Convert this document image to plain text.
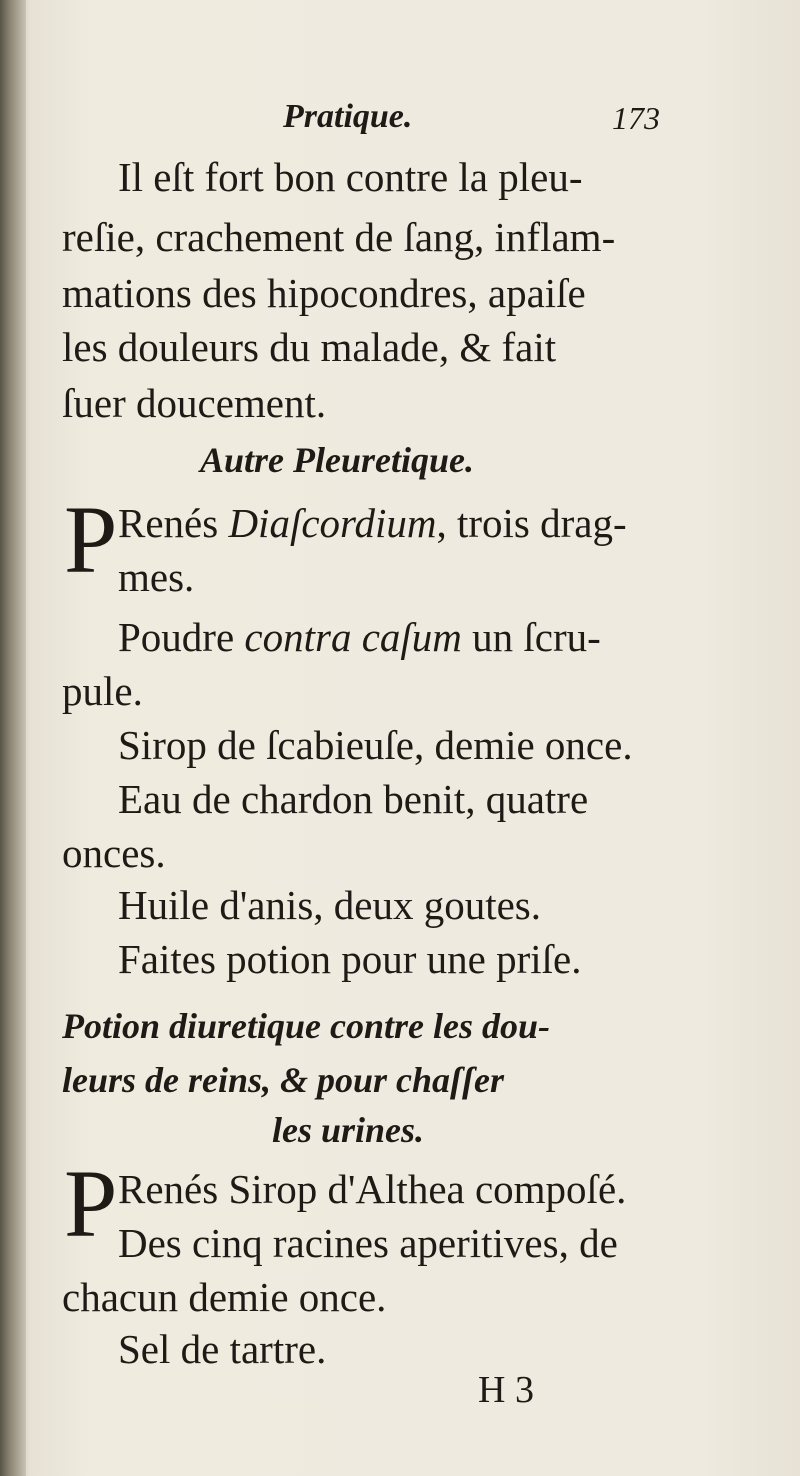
Pratique.	173
Il eſt fort bon contre la pleu-
reſie, crachement de ſang, inflam-
mations des hipocondres, apaiſe
les douleurs du malade, & fait
ſuer doucement.
Autre Pleuretique.
P Renés Diaſcordium, trois drag-
mes.
Poudre contra caſum un ſcru-
pule.
Sirop de ſcabieuſe, demie once.
Eau de chardon benit, quatre
onces.
Huile d'anis, deux goutes.
Faites potion pour une priſe.
Potion diuretique contre les dou-
leurs de reins, & pour chaſſer
les urines.
P Renés Sirop d'Althea compoſé.
Des cinq racines aperitives, de
chacun demie once.
Sel de tartre.
H 3
